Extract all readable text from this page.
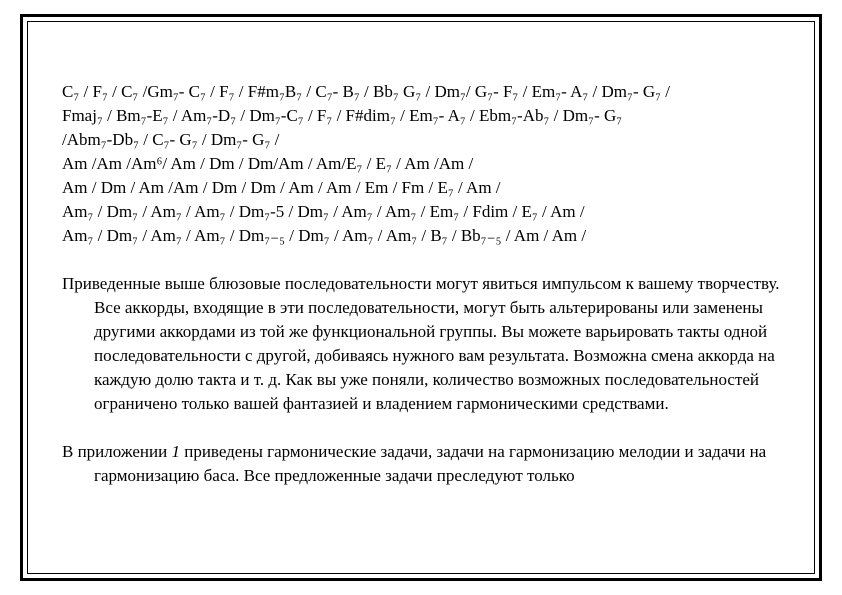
C₇ / F₇ / C₇ /Gm₇- C₇ / F₇ / F#m₇B₇ / C₇- B₇ / Bb₇ G₇ / Dm₇/ G₇- F₇ / Em₇- A₇ / Dm₇- G₇ /
Fmaj₇ / Bm₇-E₇ / Am₇-D₇ / Dm₇-C₇ / F₇ / F#dim₇ / Em₇- A₇ / Ebm₇-Ab₇ / Dm₇- G₇
/Abm₇-Db₇ / C₇- G₇ / Dm₇- G₇ /
Am /Am /Am⁶/ Am / Dm / Dm/Am / Am/E₇ / E₇ / Am /Am /
Am / Dm / Am /Am / Dm / Dm / Am / Am / Em / Fm / E₇ / Am /
Am₇ / Dm₇ / Am₇ / Am₇ / Dm₇-5 / Dm₇ / Am₇ / Am₇ / Em₇ / Fdim / E₇ / Am /
Am₇ / Dm₇ / Am₇ / Am₇ / Dm₇₋₅ / Dm₇ / Am₇ / Am₇ / B₇ / Bb₇₋₅ / Am / Am /
Приведенные выше блюзовые последовательности могут явиться импульсом к вашему творчеству. Все аккорды, входящие в эти последовательности, могут быть альтерированы или заменены другими аккордами из той же функциональной группы. Вы можете варьировать такты одной последовательности с другой, добиваясь нужного вам результата. Возможна смена аккорда на каждую долю такта и т. д. Как вы уже поняли, количество возможных последовательностей ограничено только вашей фантазией и владением гармоническими средствами.
В приложении 1 приведены гармонические задачи, задачи на гармонизацию мелодии и задачи на гармонизацию баса. Все предложенные задачи преследуют только
